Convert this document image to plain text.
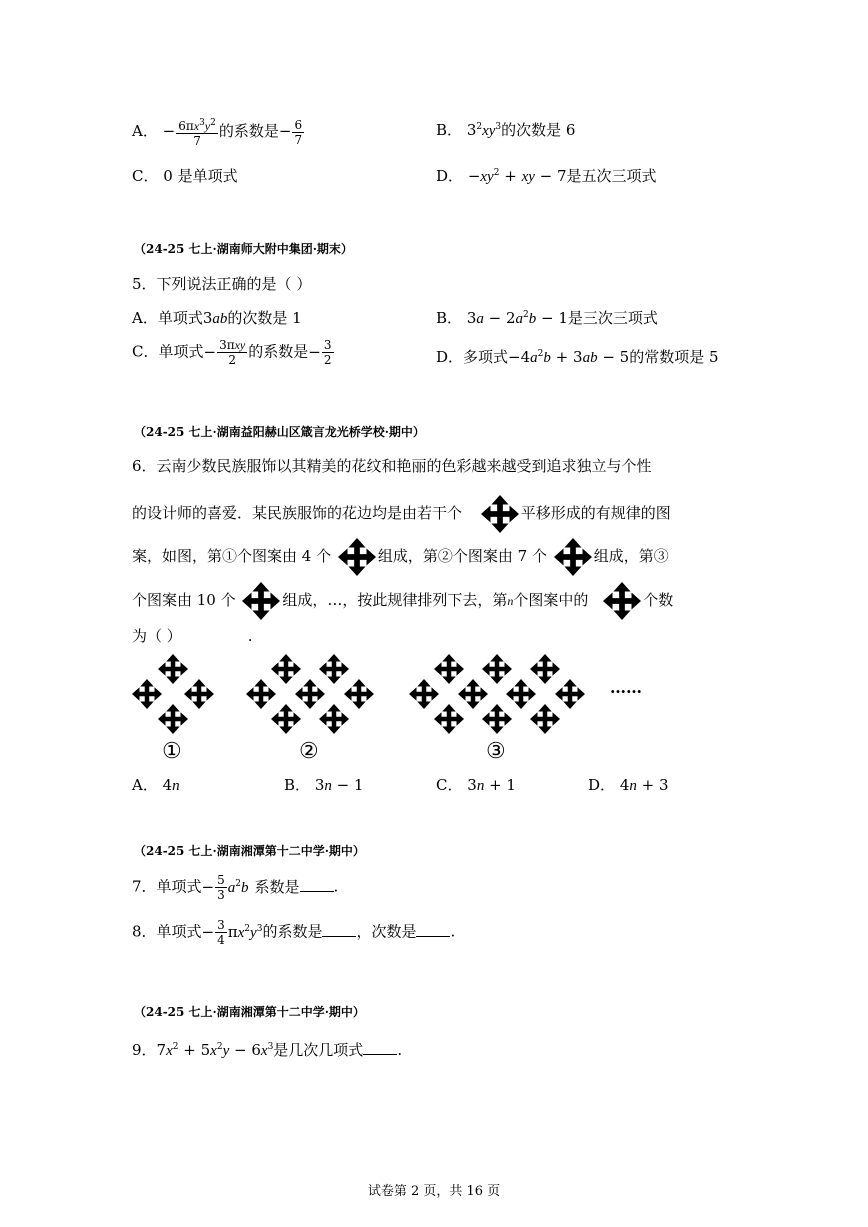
A． − $\frac{6\pi x^3y^2}{7}$ 的系数是− $\frac{6}{7}$	B． $3^2xy^3$的次数是 6
C． 0 是单项式	D． $-xy^2$ + xy − 7是五次三项式
（24-25 七上·湖南师大附中集团·期末）
5．下列说法正确的是（ ）
A．单项式3ab的次数是 1	B． $3a - 2a^2b - 1$是三次三项式
C．单项式− $\frac{\text{3πxy}}{2}$ 的系数是− $\frac{3}{2}$	D．多项式$-4a^2b + 3ab - 5$的常数项是 5
（24-25 七上·湖南益阳赫山区箴言龙光桥学校·期中）
6．云南少数民族服饰以其精美的花纹和艳丽的色彩越来越受到追求独立与个性
的设计师的喜爱．某民族服饰的花边均是由若干个	平移形成的有规律的图
案，如图，第①个图案由 4 个	组成，第②个图案由 7 个	组成，第③
个图案由 10 个	组成，…，按此规律排列下去，第n个图案中的	个数
为（ ）	.
……
①	②	③
A． 4n	B． 3n − 1	C． 3n + 1	D． 4n + 3
（24-25 七上·湖南湘潭第十二中学·期中）
7．单项式− $\frac{5}{3} a^2b$ 系数是 .
8．单项式− $\frac{3}{4} \pi x^2y^3$的系数是 ，次数是 .
（24-25 七上·湖南湘潭第十二中学·期中）
9．$7x^2 + 5x^2y - 6x^3$是几次几项式 .
试卷第 2 页，共 16 页
